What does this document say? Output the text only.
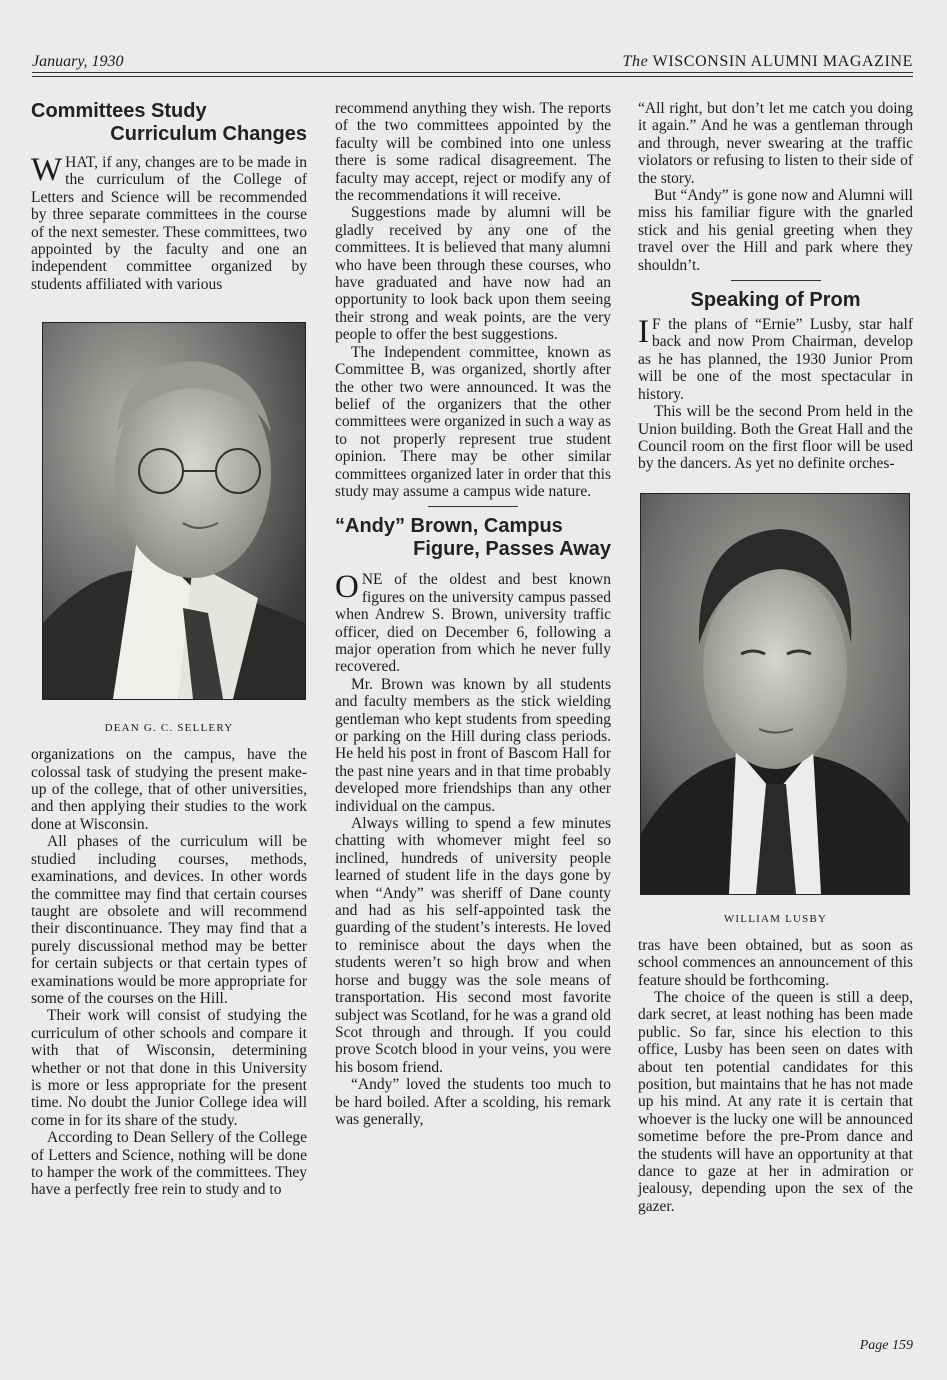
January, 1930	The WISCONSIN ALUMNI MAGAZINE
Committees Study
Curriculum Changes

WHAT, if any, changes are to be made in the curriculum of the College of Letters and Science will be recommended by three separate committees in the course of the next semester. These committees, two appointed by the faculty and one an independent committee organized by students affiliated with various

DEAN G. C. SELLERY

organizations on the campus, have the colossal task of studying the present make-up of the college, that of other universities, and then applying their studies to the work done at Wisconsin.

All phases of the curriculum will be studied including courses, methods, examinations, and devices. In other words the committee may find that certain courses taught are obsolete and will recommend their discontinuance. They may find that a purely discussional method may be better for certain subjects or that certain types of examinations would be more appropriate for some of the courses on the Hill.

Their work will consist of studying the curriculum of other schools and compare it with that of Wisconsin, determining whether or not that done in this University is more or less appropriate for the present time. No doubt the Junior College idea will come in for its share of the study.

According to Dean Sellery of the College of Letters and Science, nothing will be done to hamper the work of the committees. They have a perfectly free rein to study and to

recommend anything they wish. The reports of the two committees appointed by the faculty will be combined into one unless there is some radical disagreement. The faculty may accept, reject or modify any of the recommendations it will receive.

Suggestions made by alumni will be gladly received by any one of the committees. It is believed that many alumni who have been through these courses, who have graduated and have now had an opportunity to look back upon them seeing their strong and weak points, are the very people to offer the best suggestions.

The Independent committee, known as Committee B, was organized, shortly after the other two were announced. It was the belief of the organizers that the other committees were organized in such a way as to not properly represent true student opinion. There may be other similar committees organized later in order that this study may assume a campus wide nature.

“Andy” Brown, Campus
Figure, Passes Away

ONE of the oldest and best known figures on the university campus passed when Andrew S. Brown, university traffic officer, died on December 6, following a major operation from which he never fully recovered.

Mr. Brown was known by all students and faculty members as the stick wielding gentleman who kept students from speeding or parking on the Hill during class periods. He held his post in front of Bascom Hall for the past nine years and in that time probably developed more friendships than any other individual on the campus.

Always willing to spend a few minutes chatting with whomever might feel so inclined, hundreds of university people learned of student life in the days gone by when “Andy” was sheriff of Dane county and had as his self-appointed task the guarding of the student’s interests. He loved to reminisce about the days when the students weren’t so high brow and when horse and buggy was the sole means of transportation. His second most favorite subject was Scotland, for he was a grand old Scot through and through. If you could prove Scotch blood in your veins, you were his bosom friend.

“Andy” loved the students too much to be hard boiled. After a scolding, his remark was generally,

“All right, but don’t let me catch you doing it again.” And he was a gentleman through and through, never swearing at the traffic violators or refusing to listen to their side of the story.

But “Andy” is gone now and Alumni will miss his familiar figure with the gnarled stick and his genial greeting when they travel over the Hill and park where they shouldn’t.

Speaking of Prom

I F the plans of “Ernie” Lusby, star half back and now Prom Chairman, develop as he has planned, the 1930 Junior Prom will be one of the most spectacular in history.

This will be the second Prom held in the Union building. Both the Great Hall and the Council room on the first floor will be used by the dancers. As yet no definite orches-

WILLIAM LUSBY

tras have been obtained, but as soon as school commences an announcement of this feature should be forthcoming.

The choice of the queen is still a deep, dark secret, at least nothing has been made public. So far, since his election to this office, Lusby has been seen on dates with about ten potential candidates for this position, but maintains that he has not made up his mind. At any rate it is certain that whoever is the lucky one will be announced sometime before the pre-Prom dance and the students will have an opportunity at that dance to gaze at her in admiration or jealousy, depending upon the sex of the gazer.

Page 159
